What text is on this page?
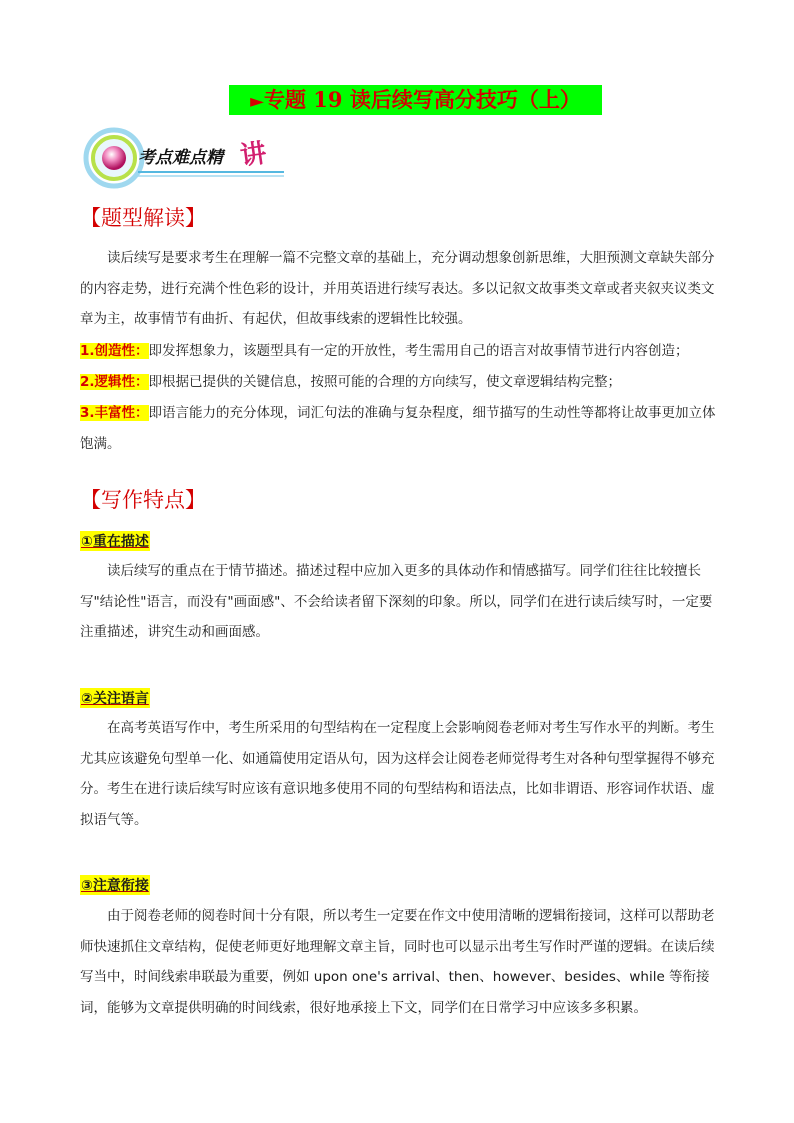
►专题 19 读后续写高分技巧（上）
考点难点精 讲
【题型解读】

读后续写是要求考生在理解一篇不完整文章的基础上，充分调动想象创新思维，大胆预测文章缺失部分的内容走势，进行充满个性色彩的设计，并用英语进行续写表达。多以记叙文故事类文章或者夹叙夹议类文章为主，故事情节有曲折、有起伏，但故事线索的逻辑性比较强。

1.创造性：即发挥想象力，该题型具有一定的开放性，考生需用自己的语言对故事情节进行内容创造；

2.逻辑性：即根据已提供的关键信息，按照可能的合理的方向续写，使文章逻辑结构完整；

3.丰富性：即语言能力的充分体现，词汇句法的准确与复杂程度，细节描写的生动性等都将让故事更加立体饱满。

【写作特点】
①重在描述

读后续写的重点在于情节描述。描述过程中应加入更多的具体动作和情感描写。同学们往往比较擅长写"结论性"语言，而没有"画面感"、不会给读者留下深刻的印象。所以，同学们在进行读后续写时，一定要注重描述，讲究生动和画面感。

②关注语言

在高考英语写作中，考生所采用的句型结构在一定程度上会影响阅卷老师对考生写作水平的判断。考生尤其应该避免句型单一化、如通篇使用定语从句，因为这样会让阅卷老师觉得考生对各种句型掌握得不够充分。考生在进行读后续写时应该有意识地多使用不同的句型结构和语法点，比如非谓语、形容词作状语、虚拟语气等。

③注意衔接

由于阅卷老师的阅卷时间十分有限，所以考生一定要在作文中使用清晰的逻辑衔接词，这样可以帮助老师快速抓住文章结构，促使老师更好地理解文章主旨，同时也可以显示出考生写作时严谨的逻辑。在读后续写当中，时间线索串联最为重要，例如 upon one's arrival、then、however、besides、while 等衔接词，能够为文章提供明确的时间线索，很好地承接上下文，同学们在日常学习中应该多多积累。
